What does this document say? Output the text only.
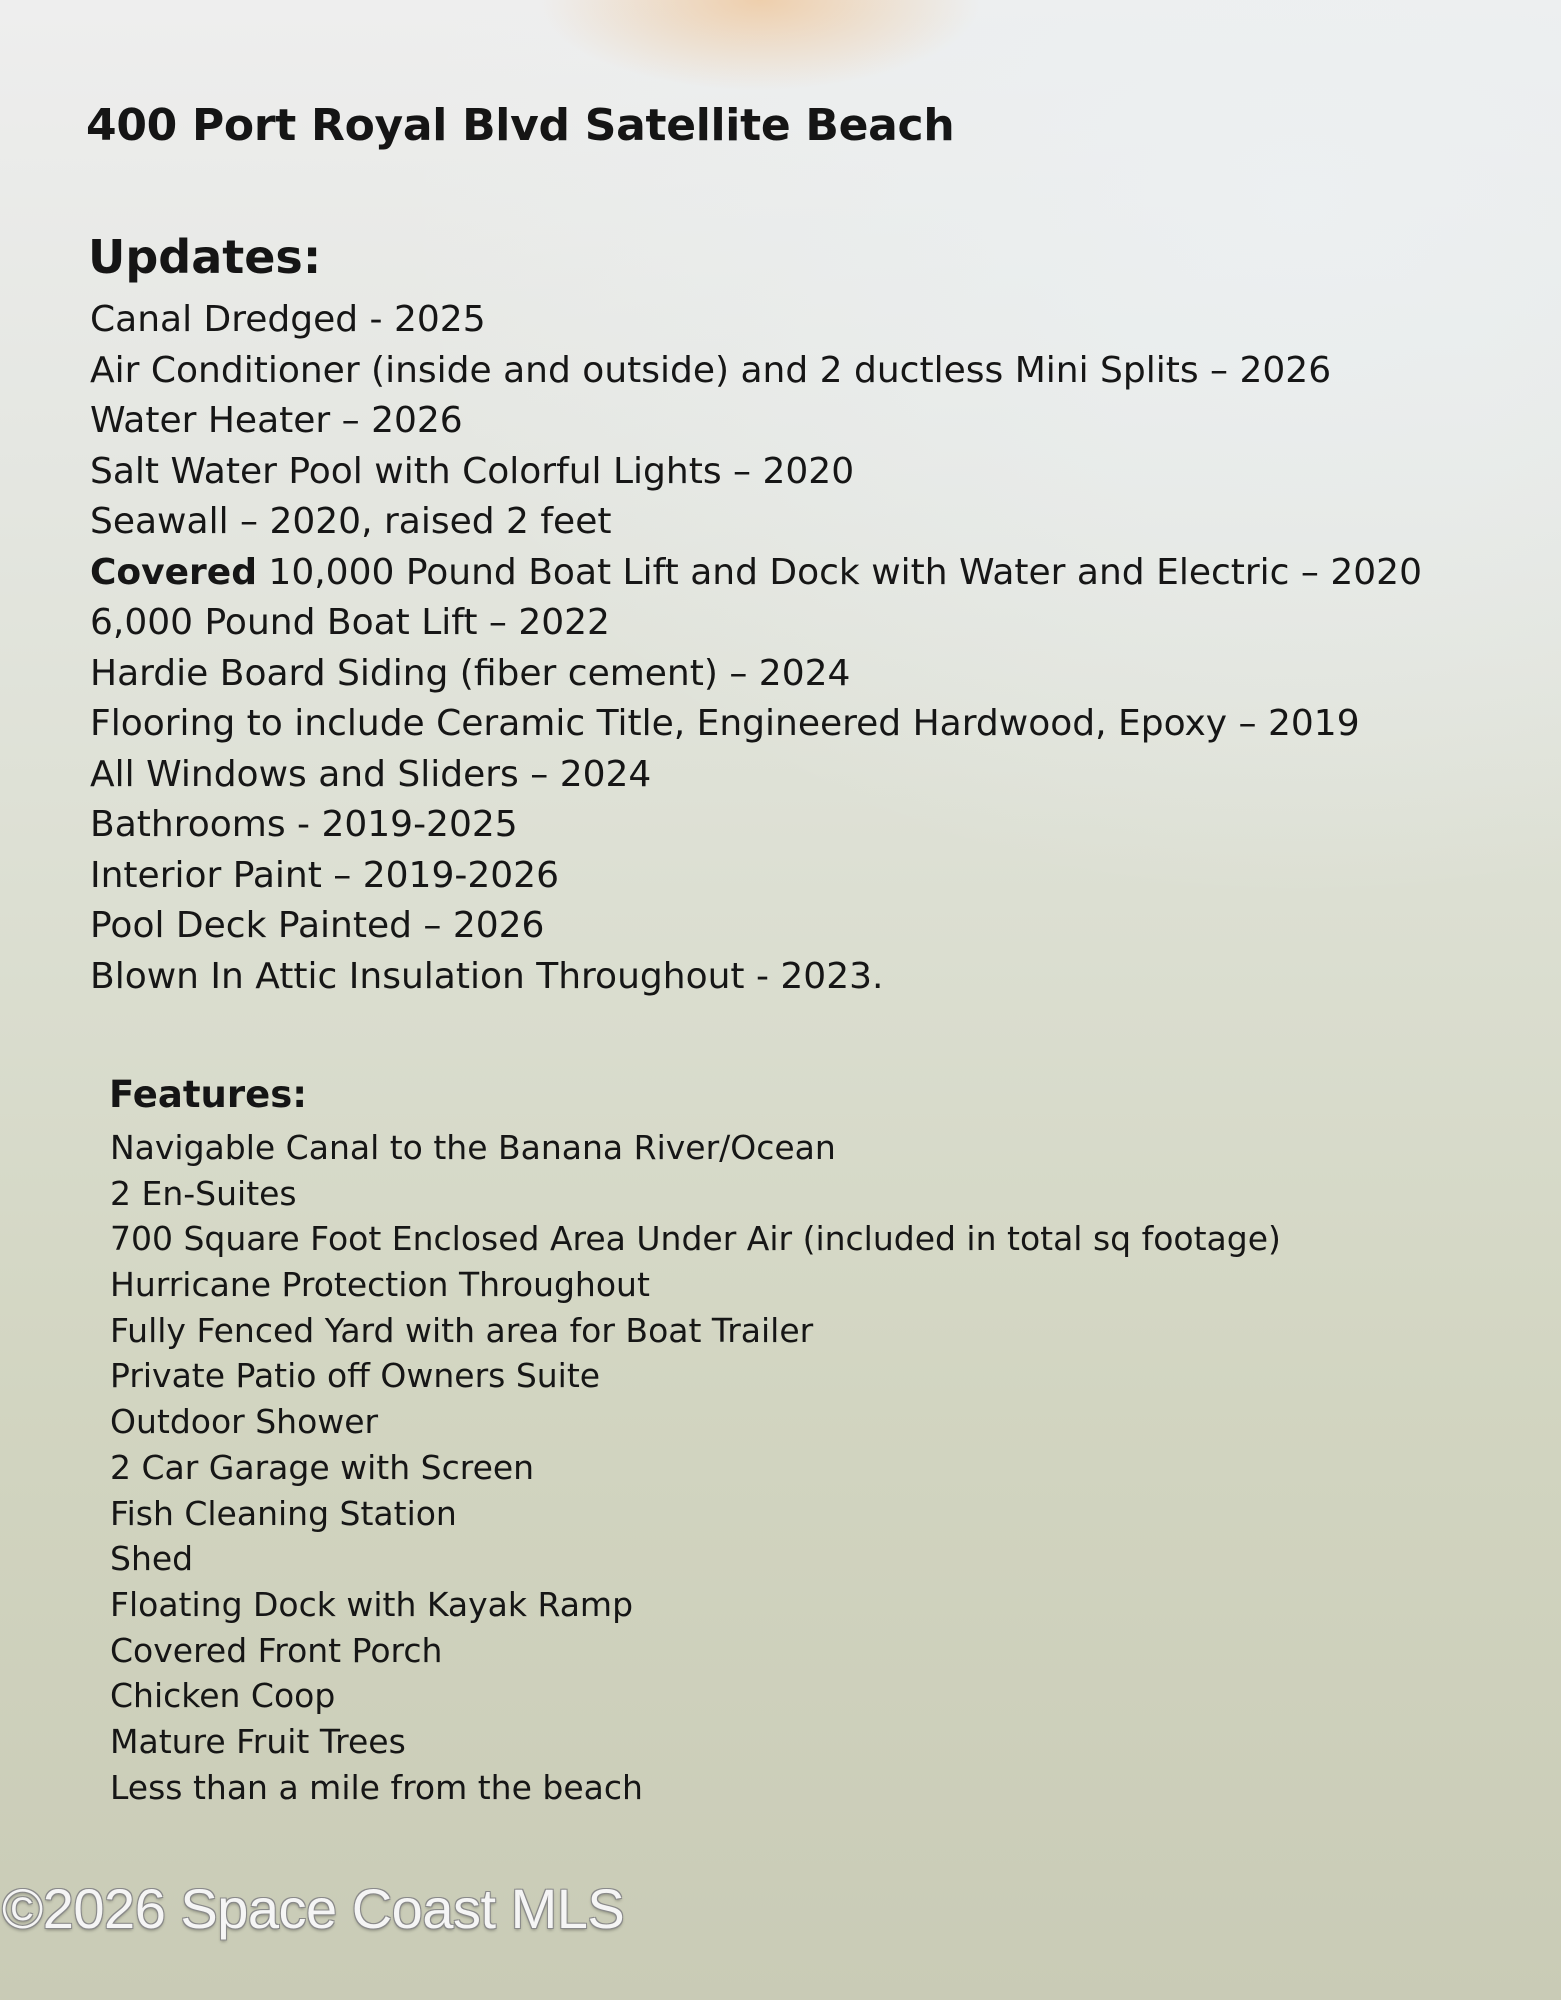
400 Port Royal Blvd Satellite Beach
Updates:
Canal Dredged - 2025
Air Conditioner (inside and outside) and 2 ductless Mini Splits – 2026
Water Heater – 2026
Salt Water Pool with Colorful Lights – 2020
Seawall – 2020, raised 2 feet
Covered 10,000 Pound Boat Lift and Dock with Water and Electric – 2020
6,000 Pound Boat Lift – 2022
Hardie Board Siding (fiber cement) – 2024
Flooring to include Ceramic Title, Engineered Hardwood, Epoxy – 2019
All Windows and Sliders – 2024
Bathrooms - 2019-2025
Interior Paint – 2019-2026
Pool Deck Painted – 2026
Blown In Attic Insulation Throughout - 2023.
Features:
Navigable Canal to the Banana River/Ocean
2 En-Suites
700 Square Foot Enclosed Area Under Air (included in total sq footage)
Hurricane Protection Throughout
Fully Fenced Yard with area for Boat Trailer
Private Patio off Owners Suite
Outdoor Shower
2 Car Garage with Screen
Fish Cleaning Station
Shed
Floating Dock with Kayak Ramp
Covered Front Porch
Chicken Coop
Mature Fruit Trees
Less than a mile from the beach
©2026 Space Coast MLS
